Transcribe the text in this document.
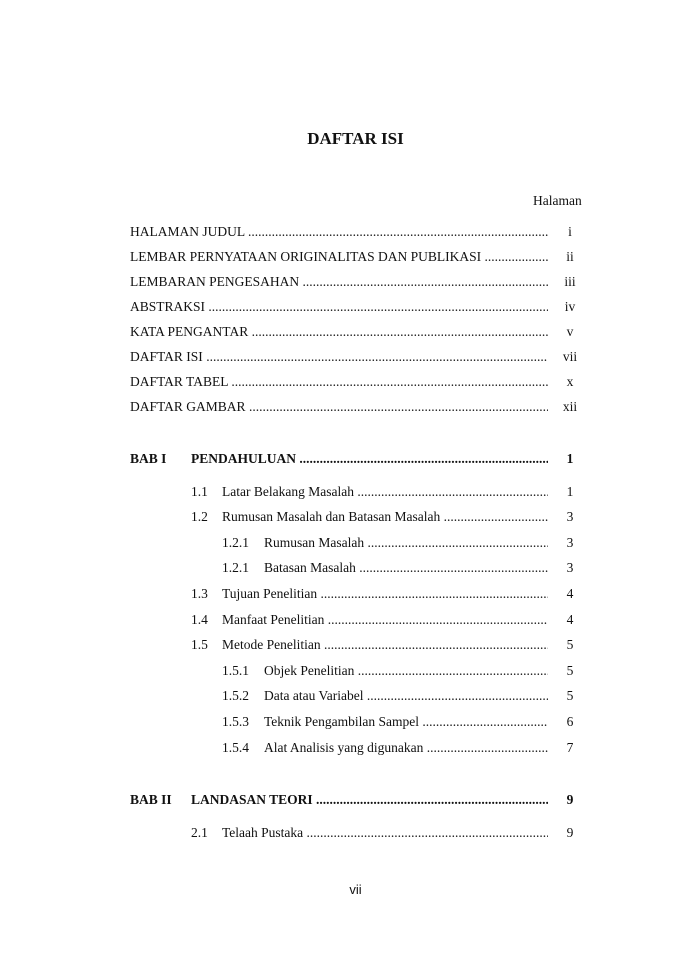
DAFTAR ISI
Halaman
HALAMAN JUDUL .....	i
LEMBAR PERNYATAAN ORIGINALITAS DAN PUBLIKASI .....	ii
LEMBARAN PENGESAHAN .....	iii
ABSTRAKSI .....	iv
KATA PENGANTAR .....	v
DAFTAR ISI .....	vii
DAFTAR TABEL .....	x
DAFTAR GAMBAR .....	xii
BAB I PENDAHULUAN .....	1
1.1 Latar Belakang Masalah .....	1
1.2 Rumusan Masalah dan Batasan Masalah .....	3
1.2.1 Rumusan Masalah .....	3
1.2.1 Batasan Masalah .....	3
1.3 Tujuan Penelitian .....	4
1.4 Manfaat Penelitian .....	4
1.5 Metode Penelitian .....	5
1.5.1 Objek Penelitian .....	5
1.5.2 Data atau Variabel .....	5
1.5.3 Teknik Pengambilan Sampel .....	6
1.5.4 Alat Analisis yang digunakan .....	7
BAB II LANDASAN TEORI .....	9
2.1 Telaah Pustaka .....	9
vii
